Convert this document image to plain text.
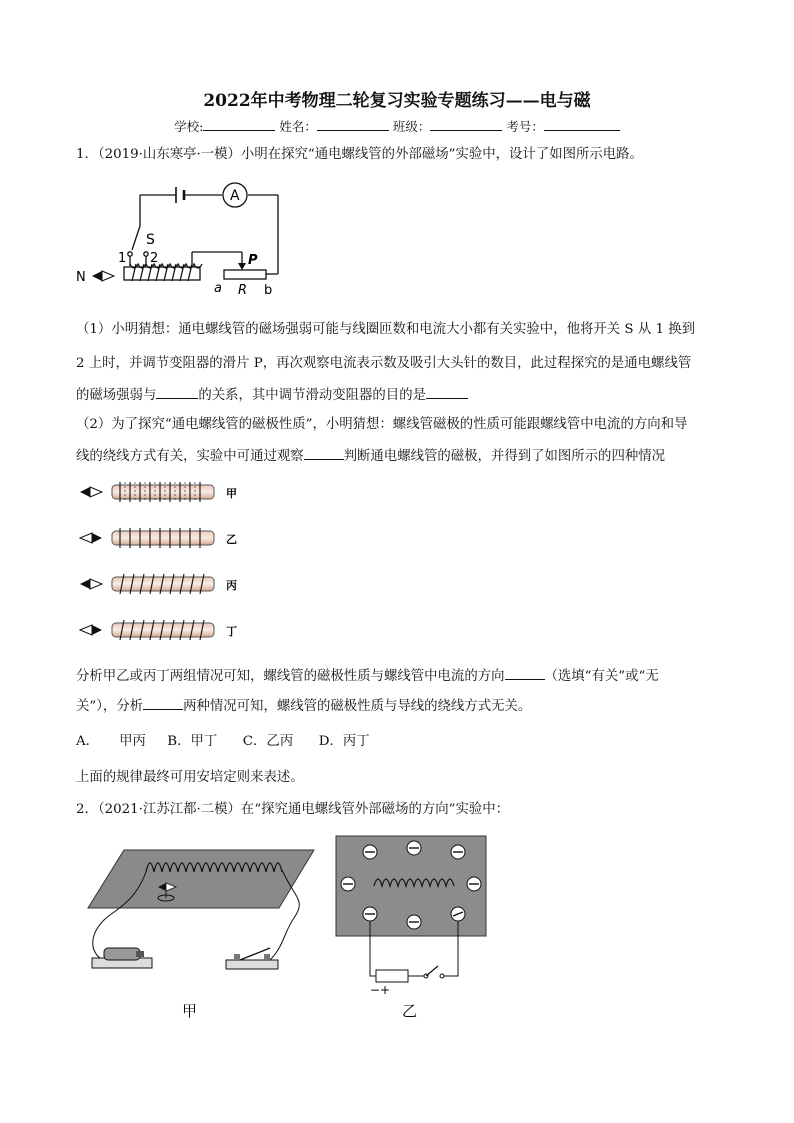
2022年中考物理二轮复习实验专题练习——电与磁
学校:	姓名：	班级：	考号：
1．（2019·山东寒亭·一模）小明在探究“通电螺线管的外部磁场”实验中，设计了如图所示电路。
N
A
S
1 2	P
a R b
（1）小明猜想：通电螺线管的磁场强弱可能与线圈匝数和电流大小都有关实验中，他将开关 S 从 1 换到
2 上时，并调节变阻器的滑片 P，再次观察电流表示数及吸引大头针的数目，此过程探究的是通电螺线管
的磁场强弱与	的关系，其中调节滑动变阻器的目的是
（2）为了探究“通电螺线管的磁极性质”，小明猜想：螺线管磁极的性质可能跟螺线管中电流的方向和导
线的绕线方式有关，实验中可通过观察	判断通电螺线管的磁极，并得到了如图所示的四种情况
甲
乙
丙
丁
分析甲乙或丙丁两组情况可知，螺线管的磁极性质与螺线管中电流的方向	（选填“有关”或“无
关”），分析	两种情况可知，螺线管的磁极性质与导线的绕线方式无关。
A．　　甲丙 B．甲丁 C．乙丙 D．丙丁
上面的规律最终可用安培定则来表述。
2．（2021·江苏江都·二模）在“探究通电螺线管外部磁场的方向”实验中：
甲
− +
乙
